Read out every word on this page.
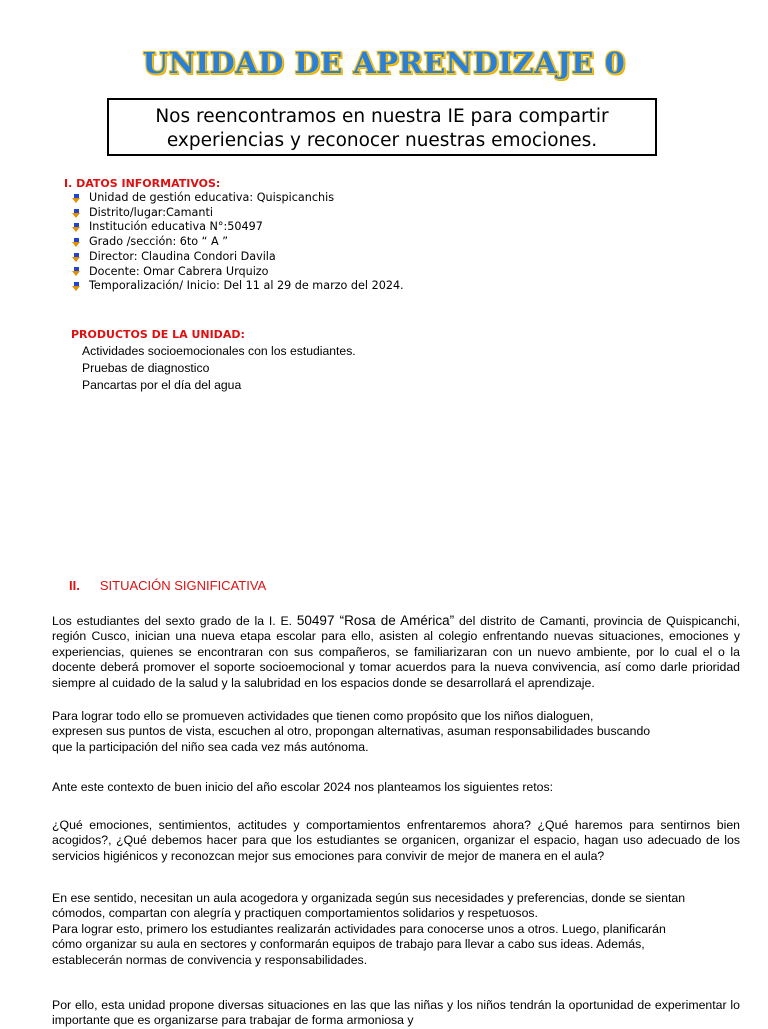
UNIDAD DE APRENDIZAJE 0
Nos reencontramos en nuestra IE para compartir experiencias y reconocer nuestras emociones.
I. DATOS INFORMATIVOS:
Unidad de gestión educativa: Quispicanchis
Distrito/lugar:Camanti
Institución educativa N°:50497
Grado /sección: 6to “ A ”
Director: Claudina Condori Davila
Docente: Omar Cabrera Urquizo
Temporalización/ Inicio: Del 11 al 29 de marzo del 2024.
PRODUCTOS DE LA UNIDAD:
Actividades socioemocionales con los estudiantes.
Pruebas de diagnostico
Pancartas por el día del agua
II. SITUACIÓN SIGNIFICATIVA
Los estudiantes del sexto grado de la I. E. 50497 “Rosa de América” del distrito de Camanti, provincia de Quispicanchi, región Cusco, inician una nueva etapa escolar para ello, asisten al colegio enfrentando nuevas situaciones, emociones y experiencias, quienes se encontraran con sus compañeros, se familiarizaran con un nuevo ambiente, por lo cual el o la docente deberá promover el soporte socioemocional y tomar acuerdos para la nueva convivencia, así como darle prioridad siempre al cuidado de la salud y la salubridad en los espacios donde se desarrollará el aprendizaje.
Para lograr todo ello se promueven actividades que tienen como propósito que los niños dialoguen,
expresen sus puntos de vista, escuchen al otro, propongan alternativas, asuman responsabilidades buscando
que la participación del niño sea cada vez más autónoma.
Ante este contexto de buen inicio del año escolar 2024 nos planteamos los siguientes retos:
¿Qué emociones, sentimientos, actitudes y comportamientos enfrentaremos ahora? ¿Qué haremos para sentirnos bien acogidos?, ¿Qué debemos hacer para que los estudiantes se organicen, organizar el espacio, hagan uso adecuado de los servicios higiénicos y reconozcan mejor sus emociones para convivir de mejor de manera en el aula?
En ese sentido, necesitan un aula acogedora y organizada según sus necesidades y preferencias, donde se sientan
cómodos, compartan con alegría y practiquen comportamientos solidarios y respetuosos.
Para lograr esto, primero los estudiantes realizarán actividades para conocerse unos a otros. Luego, planificarán
cómo organizar su aula en sectores y conformarán equipos de trabajo para llevar a cabo sus ideas. Además,
establecerán normas de convivencia y responsabilidades.
Por ello, esta unidad propone diversas situaciones en las que las niñas y los niños tendrán la oportunidad de experimentar lo importante que es organizarse para trabajar de forma armoniosa y
